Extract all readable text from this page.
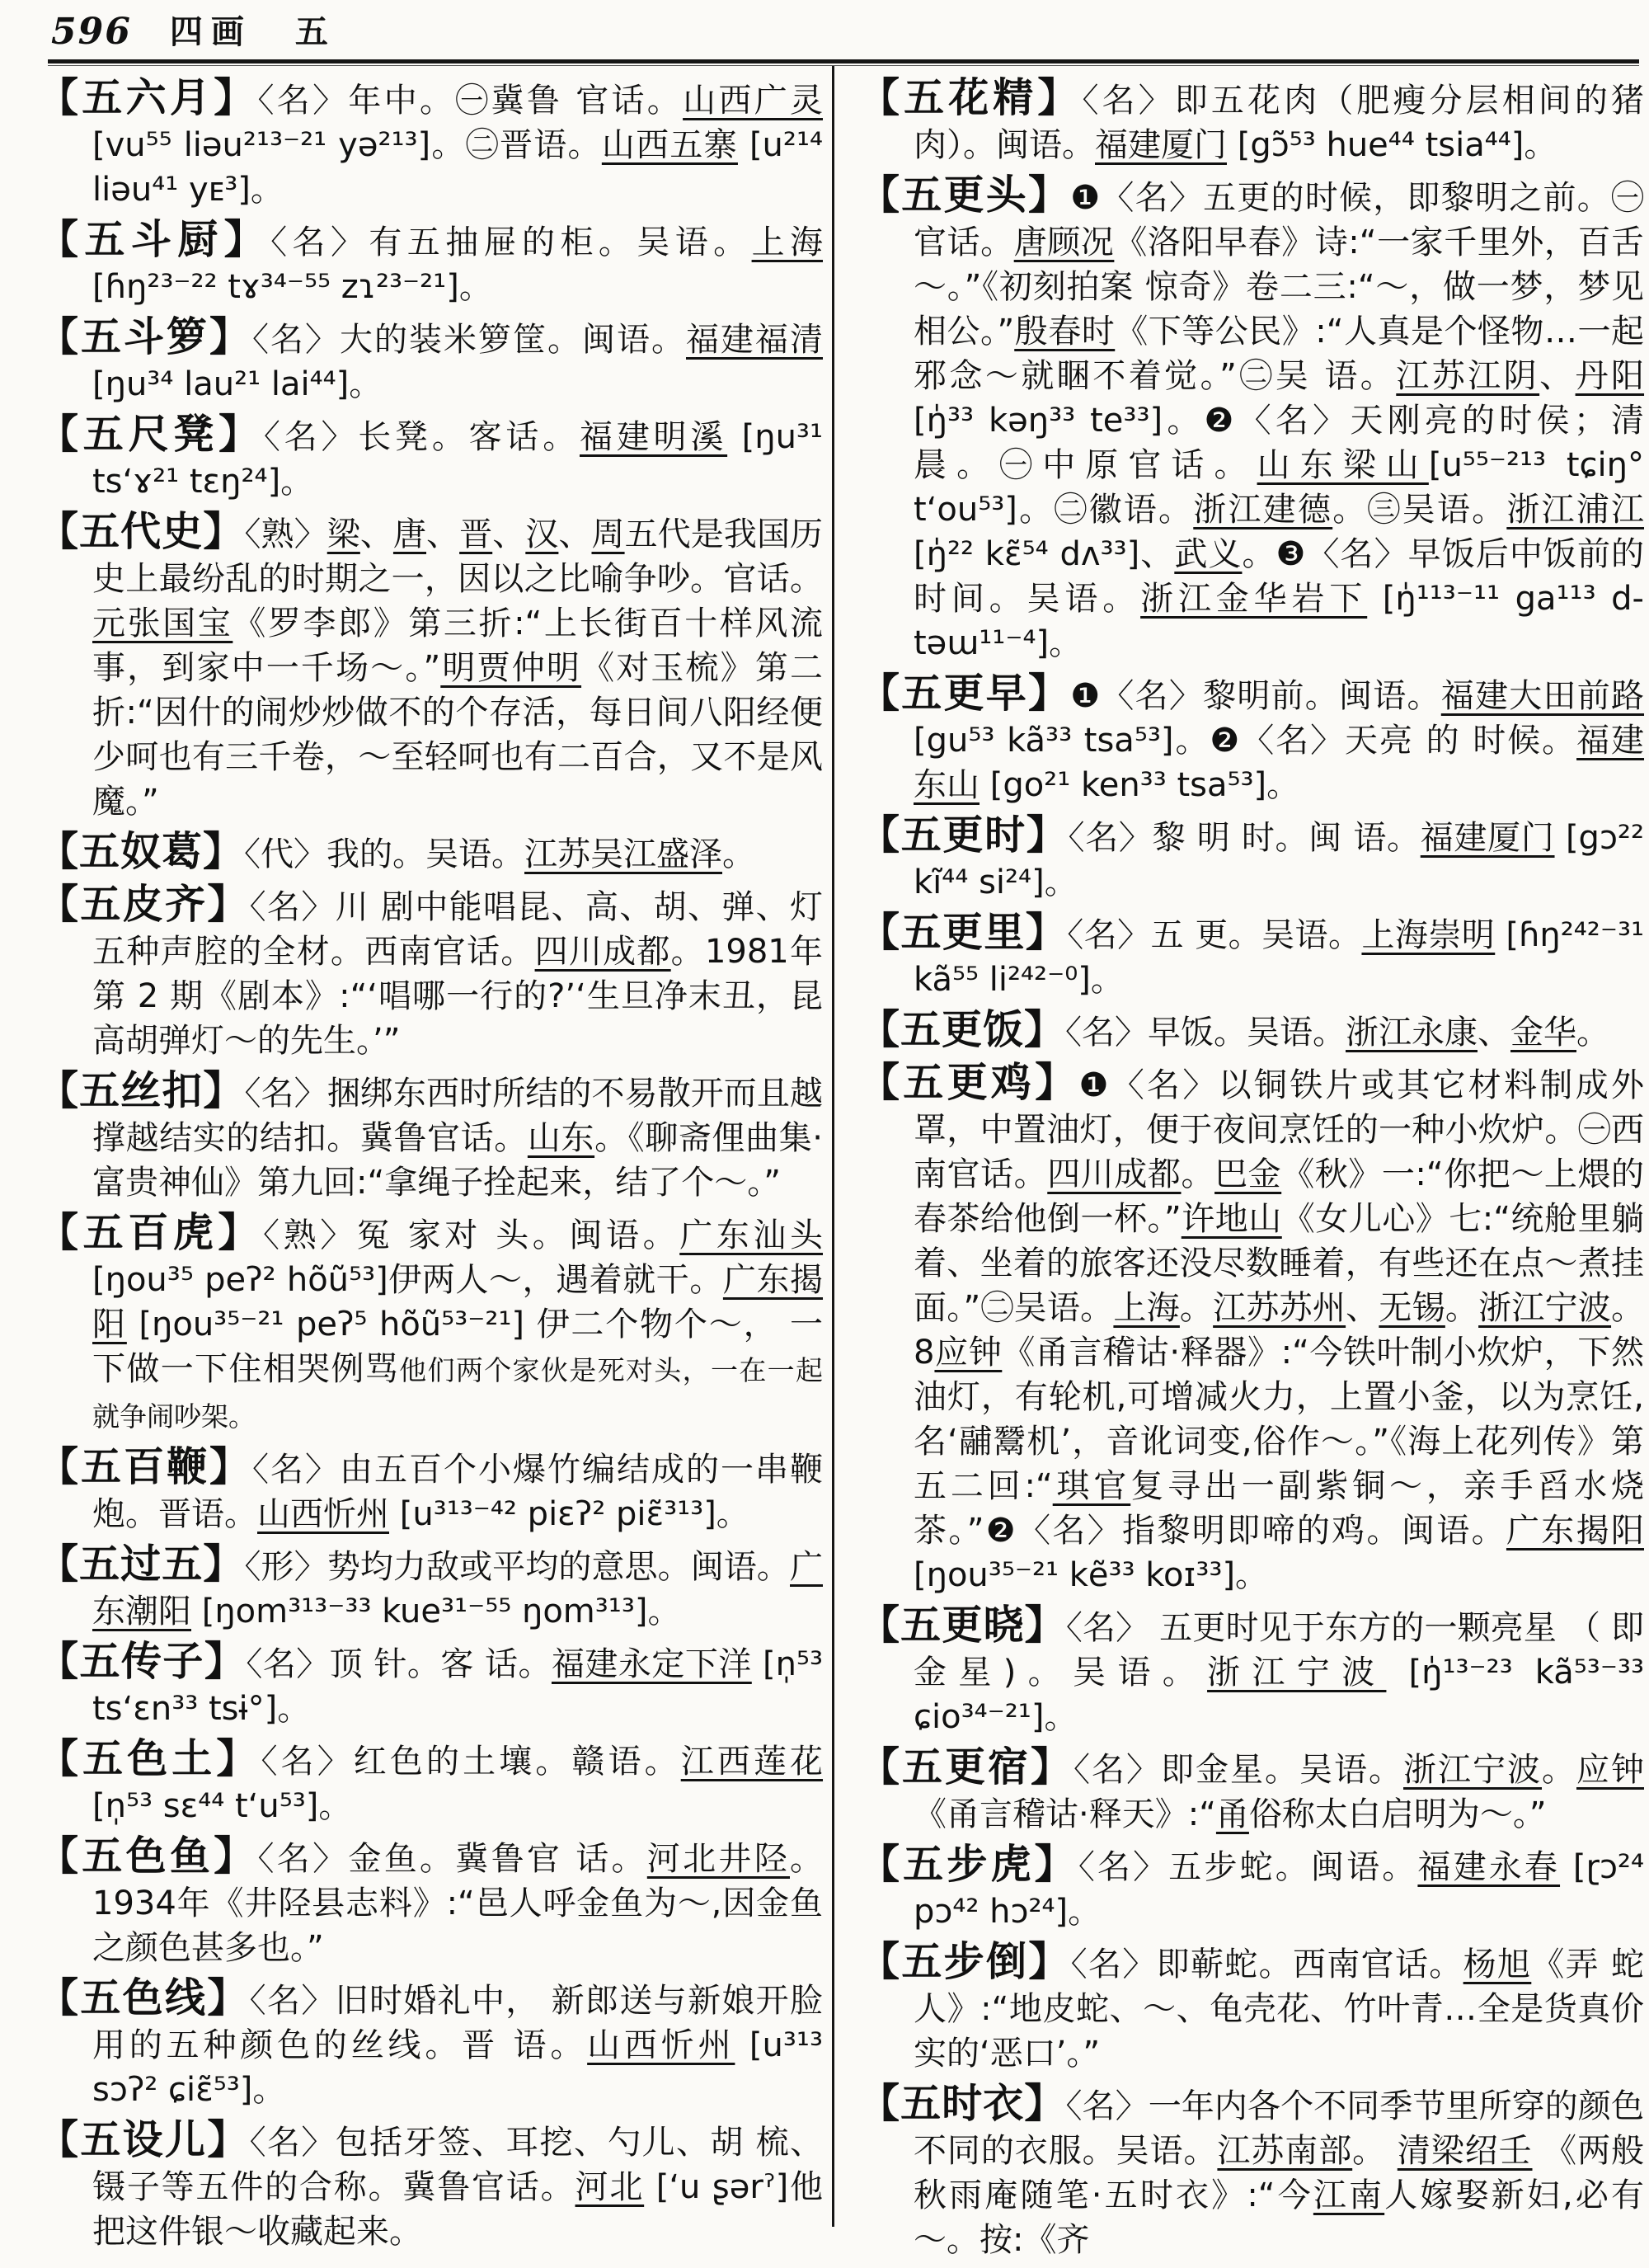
596 四画 五
【五六月】〈名〉年中。㊀冀鲁 官话。山西广灵 [vu⁵⁵ liəu²¹³⁻²¹ yə²¹³]。㊁晋语。山西五寨 [u²¹⁴ liəu⁴¹ yᴇ³]。
【五斗厨】〈名〉有五抽屉的柜。吴语。上海 [ɦŋ²³⁻²² tɤ³⁴⁻⁵⁵ zɿ²³⁻²¹]。
【五斗箩】〈名〉大的装米箩筐。闽语。福建福清[ŋu³⁴ lau²¹ lai⁴⁴]。
【五尺凳】〈名〉长凳。客话。福建明溪 [ŋu³¹ tsʻɤ²¹ tɛŋ²⁴]。
【五代史】〈熟〉梁、唐、晋、汉、周五代是我国历史上最纷乱的时期之一，因以之比喻争吵。官话。元张国宝《罗李郎》第三折:“上长街百十样风流事，到家中一千场～。”明贾仲明《对玉梳》第二折:“因什的闹炒炒做不的个存活，每日间八阳经便少呵也有三千卷，～至轻呵也有二百合，又不是风魔。”
【五奴葛】〈代〉我的。吴语。江苏吴江盛泽。
【五皮齐】〈名〉川 剧中能唱昆、高、胡、弹、灯五种声腔的全材。西南官话。四川成都。1981年第 2 期《剧本》:“‘唱哪一行的?’‘生旦净末丑，昆高胡弹灯～的先生。’”
【五丝扣】〈名〉捆绑东西时所结的不易散开而且越 撑越结实的结扣。冀鲁官话。山东。《聊斋俚曲集·富贵神仙》第九回:“拿绳子拴起来，结了个～。”
【五百虎】〈熟〉冤 家对 头。闽语。广东汕头 [ŋou³⁵ peʔ² hõũ⁵³]伊两人～，遇着就干。广东揭阳 [ŋou³⁵⁻²¹ peʔ⁵ hõũ⁵³⁻²¹] 伊二个物个～， 一下做一下住相哭例骂他们两个家伙是死对头，一在一起就争闹吵架。
【五百鞭】〈名〉由五百个小爆竹编结成的一串鞭 炮。晋语。山西忻州 [u³¹³⁻⁴² piɛʔ² piɛ̃³¹³]。
【五过五】〈形〉势均力敌或平均的意思。闽语。广东潮阳 [ŋom³¹³⁻³³ kue³¹⁻⁵⁵ ŋom³¹³]。
【五传子】〈名〉顶 针。客 话。福建永定下洋 [n̩⁵³ tsʻɛn³³ tsɨ°]。
【五色土】〈名〉红色的土壤。赣语。江西莲花 [n̩⁵³ sɛ⁴⁴ tʻu⁵³]。
【五色鱼】〈名〉金鱼。冀鲁官 话。河北井陉。1934年《井陉县志料》:“邑人呼金鱼为～,因金鱼之颜色甚多也。”
【五色线】〈名〉旧时婚礼中， 新郎送与新娘开脸用的五种颜色的丝线。晋 语。山西忻州 [u³¹³ sɔʔ² ɕiɛ̃⁵³]。
【五设儿】〈名〉包括牙签、耳挖、勺儿、胡 梳、镊子等五件的合称。冀鲁官话。河北 [ʻu ʂərˀ]他把这件银～收藏起来。
【五花精】〈名〉即五花肉（肥瘦分层相间的猪肉）。闽语。福建厦门 [gɔ̃⁵³ hue⁴⁴ tsia⁴⁴]。
【五更头】❶〈名〉五更的时候，即黎明之前。㊀官话。唐顾况《洛阳早春》诗:“一家千里外，百舌～。”《初刻拍案 惊奇》卷二三:“～，做一梦，梦见相公。”殷春时《下等公民》:“人真是个怪物…一起邪念～就睏不着觉。”㊁吴 语。江苏江阴、丹阳 [ŋ̍³³ kəŋ³³ te³³]。❷〈名〉天刚亮的时侯；清晨。㊀中原官话。山东梁山[u⁵⁵⁻²¹³ tɕiŋ° tʻou⁵³]。㊁徽语。浙江建德。㊂吴语。浙江浦江 [ŋ̍²² kɛ̃⁵⁴ dʌ³³]、武义。❸〈名〉早饭后中饭前的时间。吴语。浙江金华岩下 [ŋ̍¹¹³⁻¹¹ ga¹¹³ d-təɯ¹¹⁻⁴]。
【五更早】❶〈名〉黎明前。闽语。福建大田前路 [gu⁵³ kã³³ tsa⁵³]。❷〈名〉天亮 的 时候。福建东山 [go²¹ ken³³ tsa⁵³]。
【五更时】〈名〉黎 明 时。闽 语。福建厦门 [gɔ²² kĩ⁴⁴ si²⁴]。
【五更里】〈名〉五 更。吴语。上海崇明 [ɦŋ²⁴²⁻³¹ kã⁵⁵ li²⁴²⁻⁰]。
【五更饭】〈名〉早饭。吴语。浙江永康、金华。
【五更鸡】❶〈名〉以铜铁片或其它材料制成外罩，中置油灯，便于夜间烹饪的一种小炊炉。㊀西南官话。四川成都。巴金《秋》一:“你把～上煨的春茶给他倒一杯。”许地山《女儿心》七:“统舱里躺着、坐着的旅客还没尽数睡着，有些还在点～煮挂面。”㊁吴语。上海。江苏苏州、无锡。浙江宁波。8应钟《甬言稽诂·释器》:“今铁叶制小炊炉，下然油灯，有轮机,可增减火力，上置小釜，以为烹饪,名‘鬴鬵机’，音讹词变,俗作～。”《海上花列传》第五二回:“琪官复寻出一副紫铜～，亲手舀水烧茶。”❷〈名〉指黎明即啼的鸡。闽语。广东揭阳 [ŋou³⁵⁻²¹ kẽ³³ koɪ³³]。
【五更晓】〈名〉 五更时见于东方的一颗亮星 （ 即 金星)。吴语。浙江宁波 [ŋ̍¹³⁻²³ kã⁵³⁻³³ ɕio³⁴⁻²¹]。
【五更宿】〈名〉即金星。吴语。浙江宁波。应钟《甬言稽诂·释天》:“甬俗称太白启明为～。”
【五步虎】〈名〉五步蛇。闽语。福建永春 [ɽɔ²⁴ pɔ⁴² hɔ²⁴]。
【五步倒】〈名〉即蕲蛇。西南官话。杨旭《弄 蛇人》:“地皮蛇、～、龟壳花、竹叶青…全是货真价实的‘恶口’。”
【五时衣】〈名〉一年内各个不同季节里所穿的颜色不同的衣服。吴语。江苏南部。 清梁绍壬 《两般秋雨庵随笔·五时衣》:“今江南人嫁娶新妇,必有～。按:《齐
